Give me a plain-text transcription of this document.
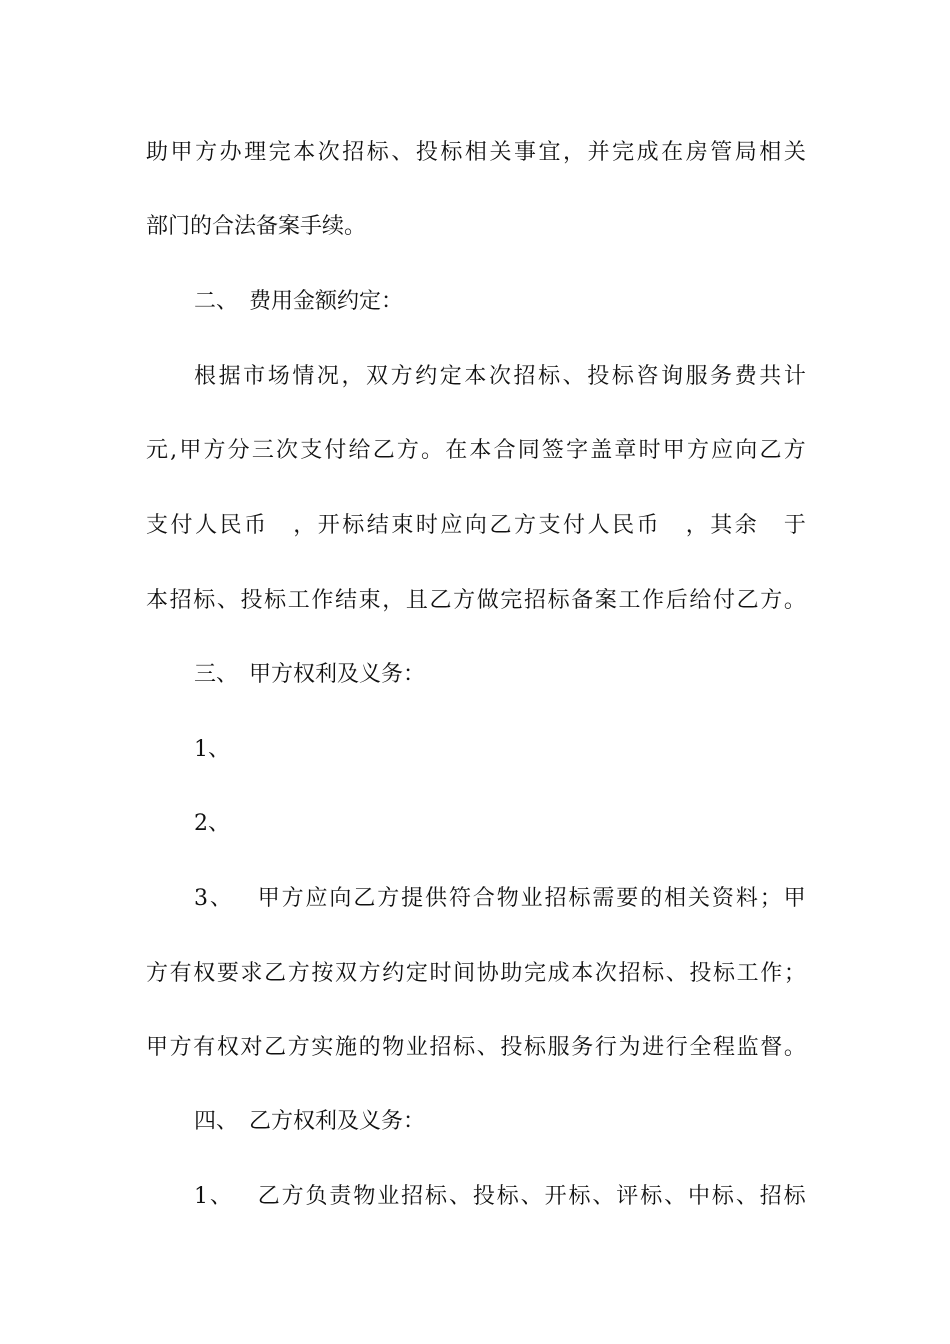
助 甲 方 办 理 完 本 次 招 标 、 投 标 相 关 事 宜 ， 并 完 成 在 房 管 局 相 关
部门的合法备案手续。
二、　费用金额约定：
根 据 市 场 情 况 ， 双 方 约 定 本 次 招 标 、 投 标 咨 询 服 务 费 共 计
元 , 甲 方 分 三 次 支 付 给 乙 方 。 在 本 合 同 签 字 盖 章 时 甲 方 应 向 乙 方
支 付 人 民 币
　 ， 开 标 结 束 时 应 向 乙 方 支 付 人 民 币
　 ， 其 余
　 于
本 招 标 、 投 标 工 作 结 束 ， 且 乙 方 做 完 招 标 备 案 工 作 后 给 付 乙 方 。
三、　甲方权利及义务：
1、
2、
3 、
　 甲 方 应 向 乙 方 提 供 符 合 物 业 招 标 需 要 的 相 关 资 料 ； 甲
方 有 权 要 求 乙 方 按 双 方 约 定 时 间 协 助 完 成 本 次 招 标 、 投 标 工 作 ；
甲 方 有 权 对 乙 方 实 施 的 物 业 招 标 、 投 标 服 务 行 为 进 行 全 程 监 督 。
四、　乙方权利及义务：
1 、
　 乙 方 负 责 物 业 招 标 、 投 标 、 开 标 、 评 标 、 中 标 、 招 标
